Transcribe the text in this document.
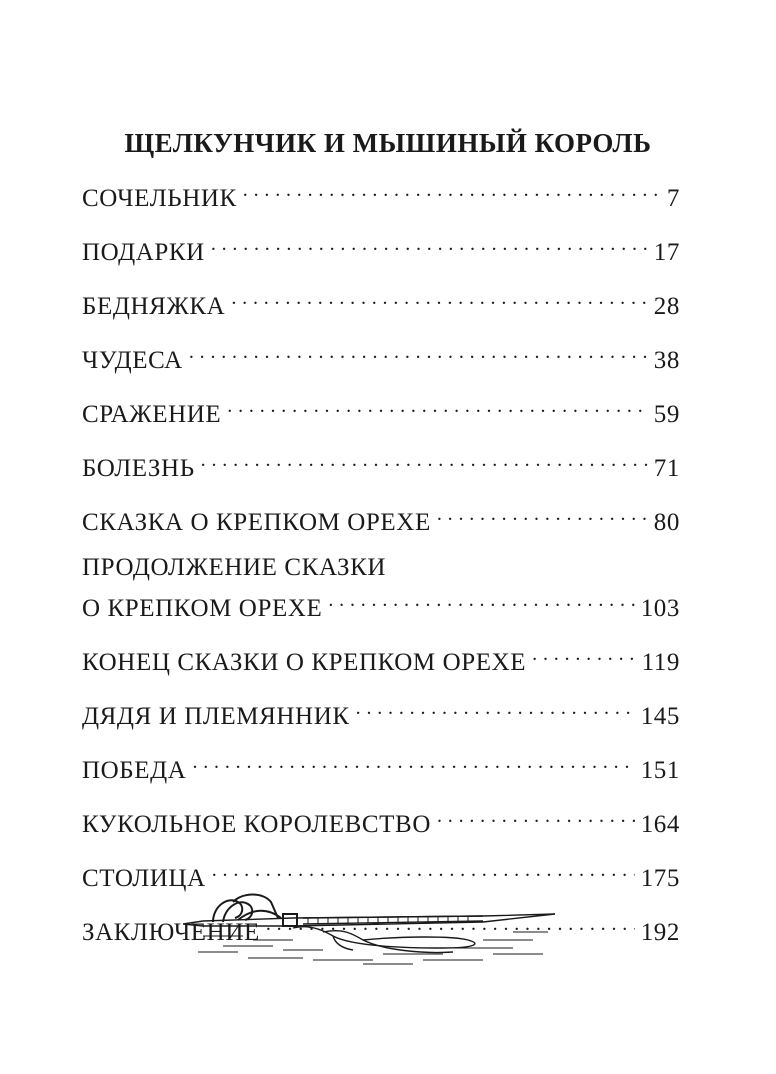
ЩЕЛКУНЧИК И МЫШИНЫЙ КОРОЛЬ
СОЧЕЛЬНИК . . .	7
ПОДАРКИ . . .	17
БЕДНЯЖКА . . .	28
ЧУДЕСА . . .	38
СРАЖЕНИЕ . . .	59
БОЛЕЗНЬ . . .	71
СКАЗКА О КРЕПКОМ ОРЕХЕ . . .	80
ПРОДОЛЖЕНИЕ СКАЗКИ
О КРЕПКОМ ОРЕХЕ . . .	103
КОНЕЦ СКАЗКИ О КРЕПКОМ ОРЕХЕ . . .	119
ДЯДЯ И ПЛЕМЯННИК . . .	145
ПОБЕДА . . .	151
КУКОЛЬНОЕ КОРОЛЕВСТВО . . .	164
СТОЛИЦА . . .	175
ЗАКЛЮЧЕНИЕ . . .	192
